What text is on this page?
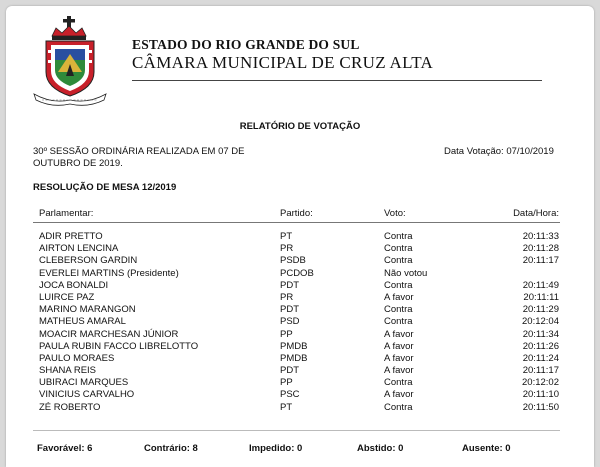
ESTADO DO RIO GRANDE DO SUL
CÂMARA MUNICIPAL DE CRUZ ALTA
RELATÓRIO DE VOTAÇÃO
30º SESSÃO ORDINÁRIA REALIZADA EM 07 DE OUTUBRO DE 2019.
Data Votação: 07/10/2019
RESOLUÇÃO DE MESA 12/2019
Parlamentar:	Partido:	Voto:	Data/Hora:
ADIR PRETTO	PT	Contra	20:11:33
AIRTON LENCINA	PR	Contra	20:11:28
CLEBERSON GARDIN	PSDB	Contra	20:11:17
EVERLEI MARTINS (Presidente)	PCDOB	Não votou
JOCA BONALDI	PDT	Contra	20:11:49
LUIRCE PAZ	PR	A favor	20:11:11
MARINO MARANGON	PDT	Contra	20:11:29
MATHEUS AMARAL	PSD	Contra	20:12:04
MOACIR MARCHESAN JÚNIOR	PP	A favor	20:11:34
PAULA RUBIN FACCO LIBRELOTTO	PMDB	A favor	20:11:26
PAULO MORAES	PMDB	A favor	20:11:24
SHANA REIS	PDT	A favor	20:11:17
UBIRACI MARQUES	PP	Contra	20:12:02
VINICIUS CARVALHO	PSC	A favor	20:11:10
ZÉ ROBERTO	PT	Contra	20:11:50
Favorável: 6	Contrário: 8	Impedido: 0	Abstido: 0	Ausente: 0
